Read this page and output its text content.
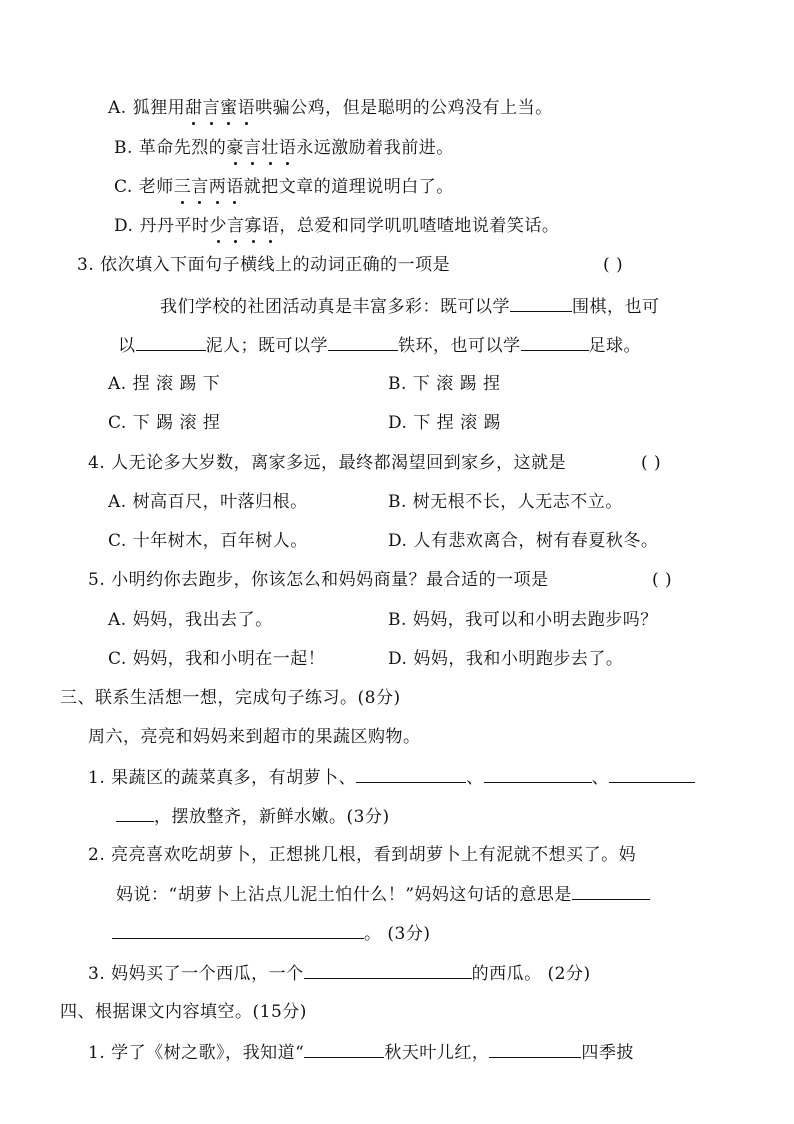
A. 狐狸用甜言蜜语哄骗公鸡，但是聪明的公鸡没有上当。
B. 革命先烈的豪言壮语永远激励着我前进。
C. 老师三言两语就把文章的道理说明白了。
D. 丹丹平时少言寡语，总爱和同学叽叽喳喳地说着笑话。
3. 依次填入下面句子横线上的动词正确的一项是	( )
我们学校的社团活动真是丰富多彩：既可以学	围棋，也可
以	泥人；既可以学	铁环，也可以学	足球。
A. 捏 滚 踢 下	B. 下 滚 踢 捏
C. 下 踢 滚 捏	D. 下 捏 滚 踢
4. 人无论多大岁数，离家多远，最终都渴望回到家乡，这就是	( )
A. 树高百尺，叶落归根。	B. 树无根不长，人无志不立。
C. 十年树木，百年树人。	D. 人有悲欢离合，树有春夏秋冬。
5. 小明约你去跑步，你该怎么和妈妈商量？最合适的一项是	( )
A. 妈妈，我出去了。	B. 妈妈，我可以和小明去跑步吗？
C. 妈妈，我和小明在一起！	D. 妈妈，我和小明跑步去了。
三、联系生活想一想，完成句子练习。(8分)
周六，亮亮和妈妈来到超市的果蔬区购物。
1. 果蔬区的蔬菜真多，有胡萝卜、	、	、
，摆放整齐，新鲜水嫩。(3分)
2. 亮亮喜欢吃胡萝卜，正想挑几根，看到胡萝卜上有泥就不想买了。妈
妈说：“胡萝卜上沾点儿泥土怕什么！”妈妈这句话的意思是
。 (3分)
3. 妈妈买了一个西瓜，一个	的西瓜。 (2分)
四、根据课文内容填空。(15分)
1. 学了《树之歌》，我知道“	秋天叶儿红，	四季披
